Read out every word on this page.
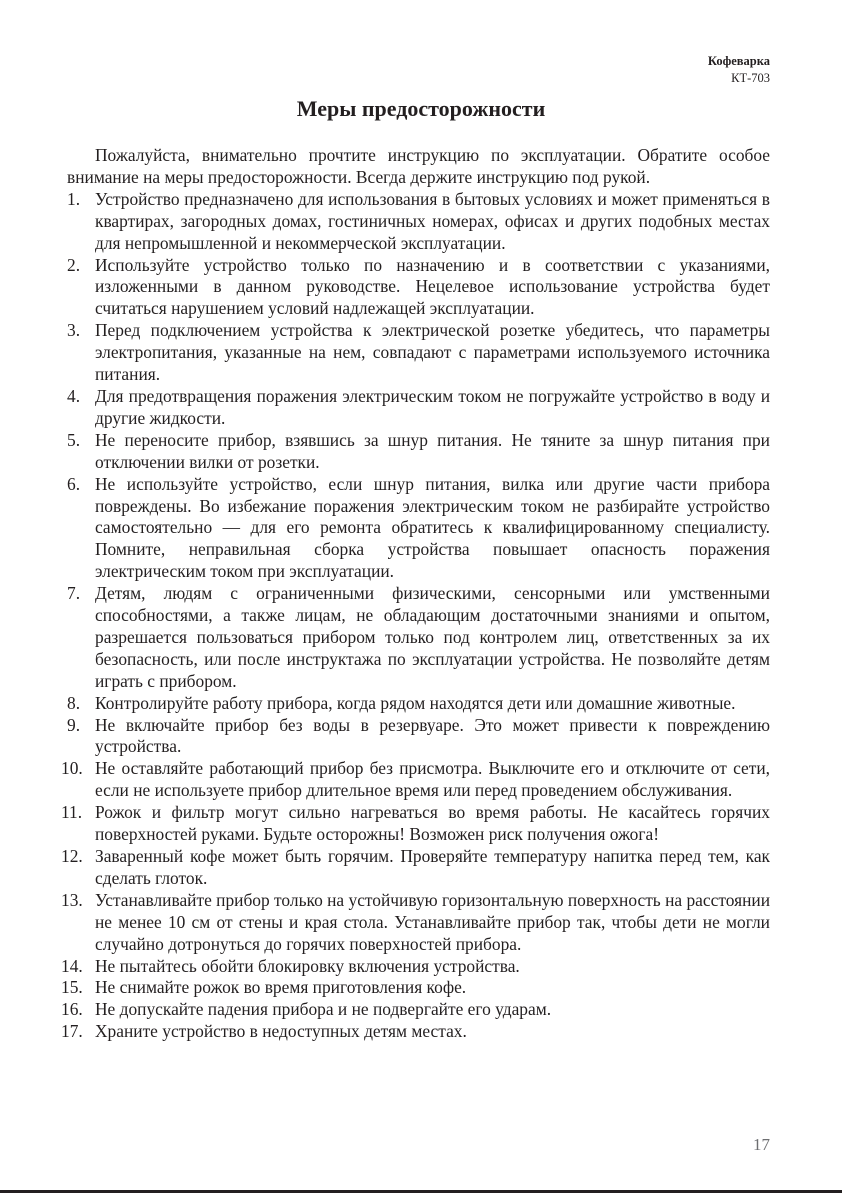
Кофеварка
КТ-703
Меры предосторожности

Пожалуйста, внимательно прочтите инструкцию по эксплуатации. Обратите особое внимание на меры предосторожности. Всегда держите инструкцию под рукой.

1. Устройство предназначено для использования в бытовых условиях и может применяться в квартирах, загородных домах, гостиничных номерах, офисах и других подобных местах для непромышленной и некоммерческой эксплуатации.
2. Используйте устройство только по назначению и в соответствии с указаниями, изложенными в данном руководстве. Нецелевое использование устройства будет считаться нарушением условий надлежащей эксплуатации.
3. Перед подключением устройства к электрической розетке убедитесь, что параметры электропитания, указанные на нем, совпадают с параметрами используемого источника питания.
4. Для предотвращения поражения электрическим током не погружайте устройство в воду и другие жидкости.
5. Не переносите прибор, взявшись за шнур питания. Не тяните за шнур питания при отключении вилки от розетки.
6. Не используйте устройство, если шнур питания, вилка или другие части прибора повреждены. Во избежание поражения электрическим током не разбирайте устройство самостоятельно — для его ремонта обратитесь к квалифицированному специалисту. Помните, неправильная сборка устройства повышает опасность поражения электрическим током при эксплуатации.
7. Детям, людям с ограниченными физическими, сенсорными или умственными способностями, а также лицам, не обладающим достаточными знаниями и опытом, разрешается пользоваться прибором только под контролем лиц, ответственных за их безопасность, или после инструктажа по эксплуатации устройства. Не позволяйте детям играть с прибором.
8. Контролируйте работу прибора, когда рядом находятся дети или домашние животные.
9. Не включайте прибор без воды в резервуаре. Это может привести к повреждению устройства.
10. Не оставляйте работающий прибор без присмотра. Выключите его и отключите от сети, если не используете прибор длительное время или перед проведением обслуживания.
11. Рожок и фильтр могут сильно нагреваться во время работы. Не касайтесь горячих поверхностей руками. Будьте осторожны! Возможен риск получения ожога!
12. Заваренный кофе может быть горячим. Проверяйте температуру напитка перед тем, как сделать глоток.
13. Устанавливайте прибор только на устойчивую горизонтальную поверхность на расстоянии не менее 10 см от стены и края стола. Устанавливайте прибор так, чтобы дети не могли случайно дотронуться до горячих поверхностей прибора.
14. Не пытайтесь обойти блокировку включения устройства.
15. Не снимайте рожок во время приготовления кофе.
16. Не допускайте падения прибора и не подвергайте его ударам.
17. Храните устройство в недоступных детям местах.
17
